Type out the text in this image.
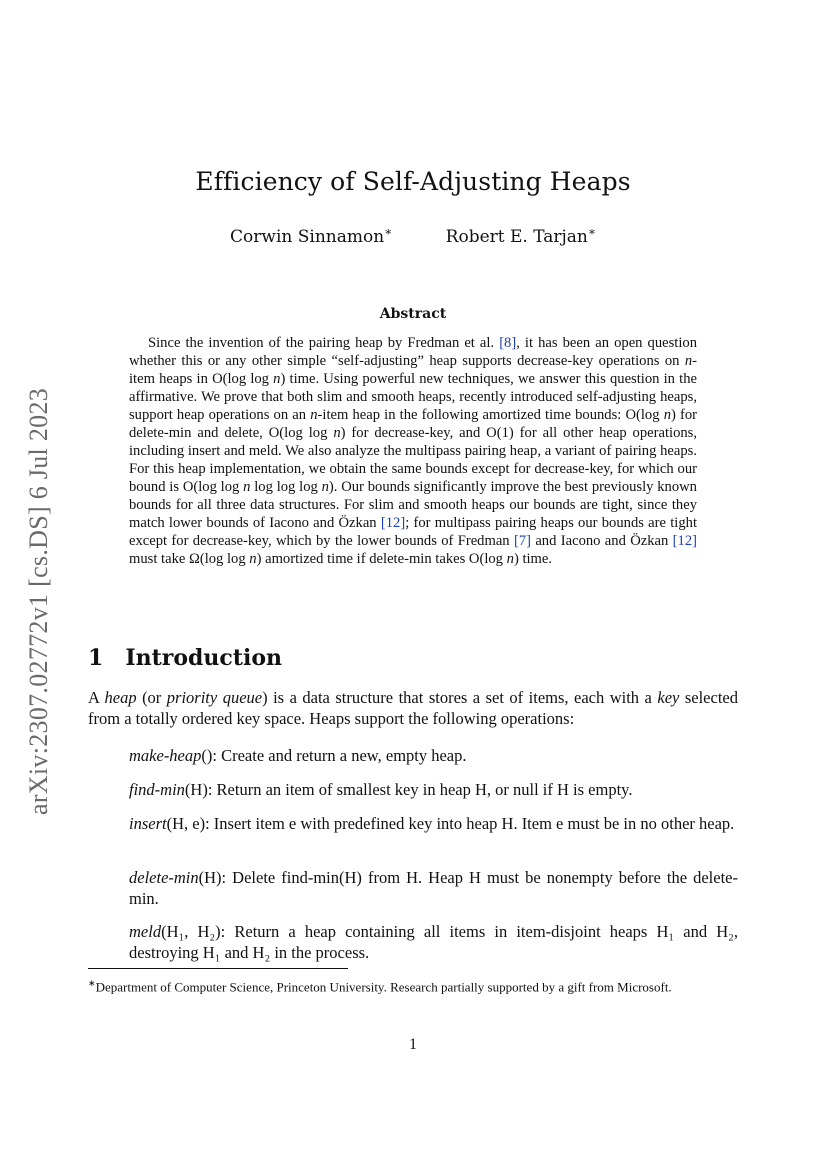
arXiv:2307.02772v1 [cs.DS] 6 Jul 2023
Efficiency of Self-Adjusting Heaps
Corwin Sinnamon∗	Robert E. Tarjan∗
Abstract
Since the invention of the pairing heap by Fredman et al. [8], it has been an open question whether this or any other simple “self-adjusting” heap supports decrease-key operations on n-item heaps in O(log log n) time. Using powerful new techniques, we answer this question in the affirmative. We prove that both slim and smooth heaps, recently introduced self-adjusting heaps, support heap operations on an n-item heap in the following amortized time bounds: O(log n) for delete-min and delete, O(log log n) for decrease-key, and O(1) for all other heap operations, including insert and meld. We also analyze the multipass pairing heap, a variant of pairing heaps. For this heap implementation, we obtain the same bounds except for decrease-key, for which our bound is O(log log n log log log n). Our bounds significantly improve the best previously known bounds for all three data structures. For slim and smooth heaps our bounds are tight, since they match lower bounds of Iacono and Özkan [12]; for multipass pairing heaps our bounds are tight except for decrease-key, which by the lower bounds of Fredman [7] and Iacono and Özkan [12] must take Ω(log log n) amortized time if delete-min takes O(log n) time.
1 Introduction
A heap (or priority queue) is a data structure that stores a set of items, each with a key selected from a totally ordered key space. Heaps support the following operations:
make-heap(): Create and return a new, empty heap.
find-min(H): Return an item of smallest key in heap H, or null if H is empty.
insert(H, e): Insert item e with predefined key into heap H. Item e must be in no other heap.
delete-min(H): Delete find-min(H) from H. Heap H must be nonempty before the delete-min.
meld(H₁, H₂): Return a heap containing all items in item-disjoint heaps H₁ and H₂, destroying H₁ and H₂ in the process.
∗Department of Computer Science, Princeton University. Research partially supported by a gift from Microsoft.
1
